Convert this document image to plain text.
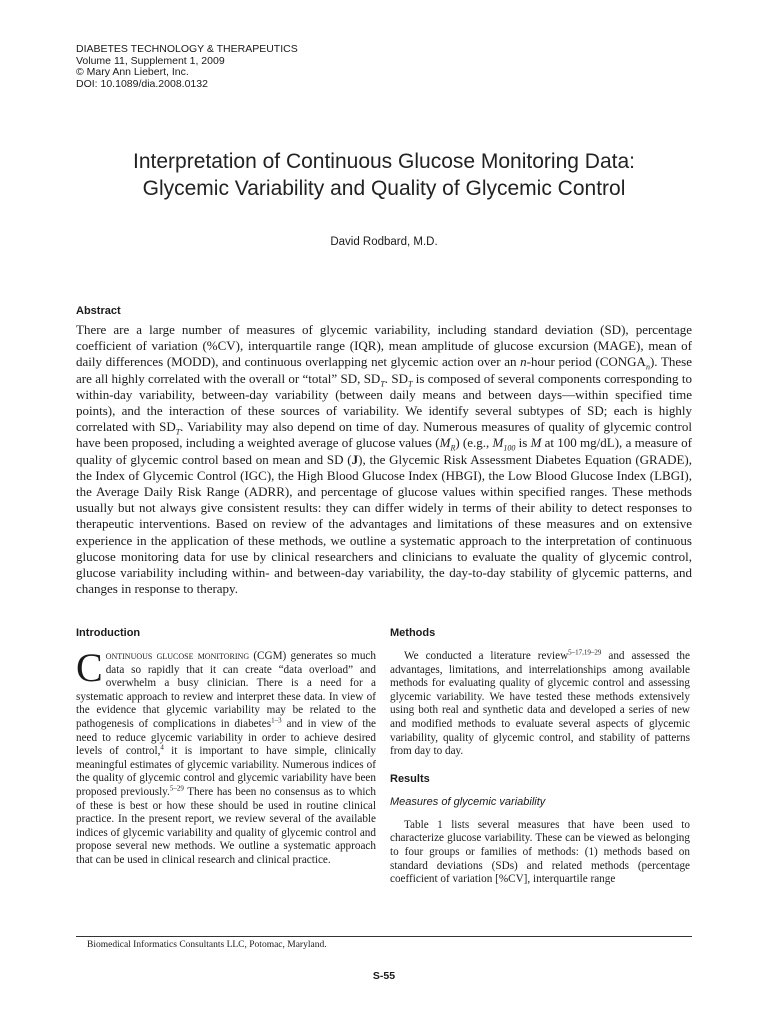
DIABETES TECHNOLOGY & THERAPEUTICS
Volume 11, Supplement 1, 2009
© Mary Ann Liebert, Inc.
DOI: 10.1089/dia.2008.0132
Interpretation of Continuous Glucose Monitoring Data:
Glycemic Variability and Quality of Glycemic Control
David Rodbard, M.D.
Abstract
There are a large number of measures of glycemic variability, including standard deviation (SD), percentage coefficient of variation (%CV), interquartile range (IQR), mean amplitude of glucose excursion (MAGE), mean of daily differences (MODD), and continuous overlapping net glycemic action over an n-hour period $(CONGA_n)$. These are all highly correlated with the overall or “total” SD, $SD_T$. $SD_T$ is composed of several components corresponding to within-day variability, between-day variability (between daily means and between days—within specified time points), and the interaction of these sources of variability. We identify several subtypes of SD; each is highly correlated with $SD_T$. Variability may also depend on time of day. Numerous measures of quality of glycemic control have been proposed, including a weighted average of glucose values $(M_R)$ (e.g., $M_{100}$ is M at 100 mg/dL), a measure of quality of glycemic control based on mean and SD (J), the Glycemic Risk Assessment Diabetes Equation (GRADE), the Index of Glycemic Control (IGC), the High Blood Glucose Index (HBGI), the Low Blood Glucose Index (LBGI), the Average Daily Risk Range (ADRR), and percentage of glucose values within specified ranges. These methods usually but not always give consistent results: they can differ widely in terms of their ability to detect responses to therapeutic interventions. Based on review of the advantages and limitations of these measures and on extensive experience in the application of these methods, we outline a systematic approach to the interpretation of continuous glucose monitoring data for use by clinical researchers and clinicians to evaluate the quality of glycemic control, glucose variability including within- and between-day variability, the day-to-day stability of glycemic patterns, and changes in response to therapy.
Introduction

Continuous glucose monitoring (CGM) generates so much data so rapidly that it can create “data overload” and overwhelm a busy clinician. There is a need for a systematic approach to review and interpret these data. In view of the evidence that glycemic variability may be related to the pathogenesis of complications in diabetes$^{1-3}$ and in view of the need to reduce glycemic variability in order to achieve desired levels of control,$^4$ it is important to have simple, clinically meaningful estimates of glycemic variability. Numerous indices of the quality of glycemic control and glycemic variability have been proposed previously.$^{5-29}$ There has been no consensus as to which of these is best or how these should be used in routine clinical practice. In the present report, we review several of the available indices of glycemic variability and quality of glycemic control and propose several new methods. We outline a systematic approach that can be used in clinical research and clinical practice.

Methods

We conducted a literature review$^{5-17,19-29}$ and assessed the advantages, limitations, and interrelationships among available methods for evaluating quality of glycemic control and assessing glycemic variability. We have tested these methods extensively using both real and synthetic data and developed a series of new and modified methods to evaluate several aspects of glycemic variability, quality of glycemic control, and stability of patterns from day to day.

Results
Measures of glycemic variability

Table 1 lists several measures that have been used to characterize glucose variability. These can be viewed as belonging to four groups or families of methods: (1) methods based on standard deviations (SDs) and related methods (percentage coefficient of variation [%CV], interquartile range

Biomedical Informatics Consultants LLC, Potomac, Maryland.
S-55
